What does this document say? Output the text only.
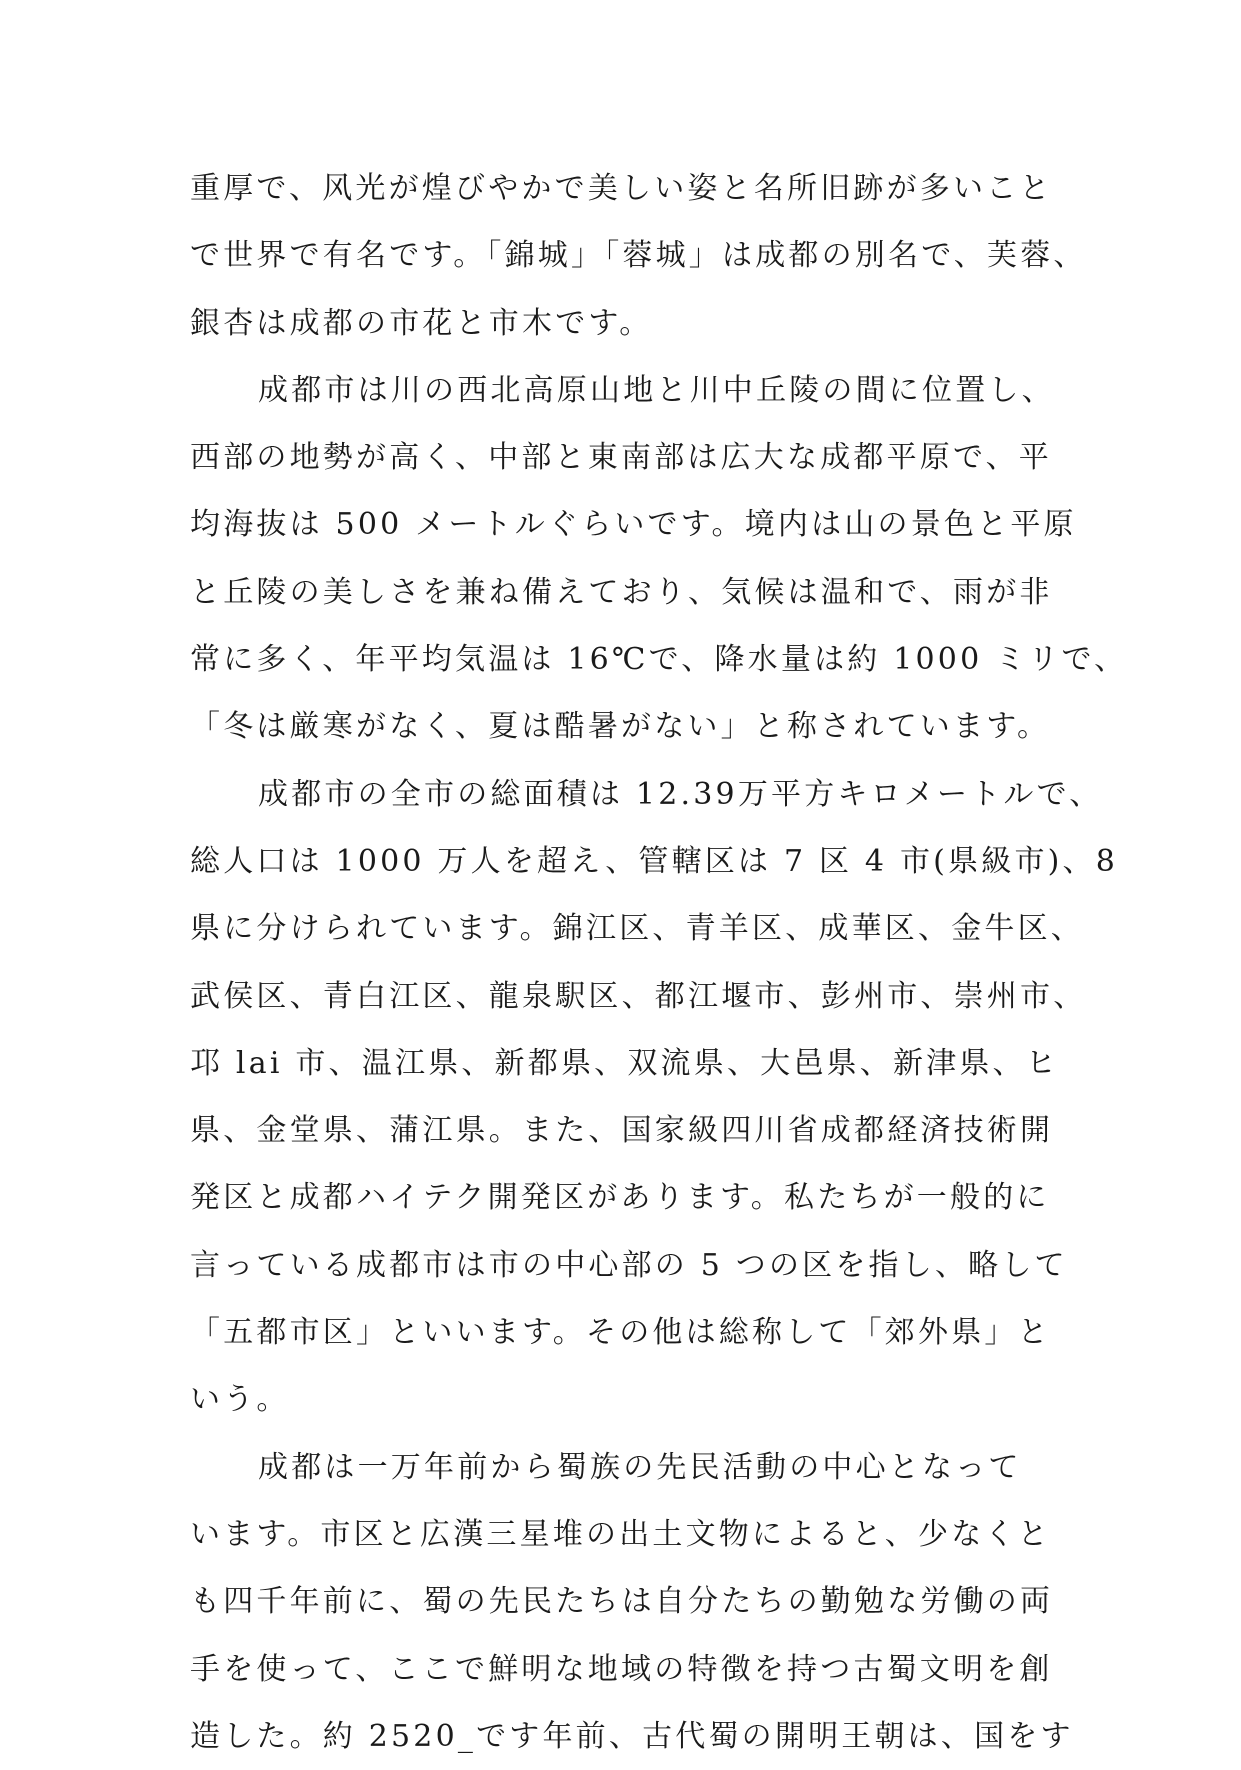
重厚で、风光が煌びやかで美しい姿と名所旧跡が多いこと
で世界で有名です。「錦城」「蓉城」は成都の別名で、芙蓉、
銀杏は成都の市花と市木です。
成都市は川の西北高原山地と川中丘陵の間に位置し、
西部の地勢が高く、中部と東南部は広大な成都平原で、平
均海抜は 500 メートルぐらいです。境内は山の景色と平原
と丘陵の美しさを兼ね備えており、気候は温和で、雨が非
常に多く、年平均気温は 16℃で、降水量は約 1000 ミリで、
「冬は厳寒がなく、夏は酷暑がない」と称されています。
成都市の全市の総面積は 12.39万平方キロメートルで、
総人口は 1000 万人を超え、管轄区は 7 区 4 市(県級市)、8
県に分けられています。錦江区、青羊区、成華区、金牛区、
武侯区、青白江区、龍泉駅区、都江堰市、彭州市、崇州市、
邛 lai 市、温江県、新都県、双流県、大邑県、新津県、ヒ
県、金堂県、蒲江県。また、国家級四川省成都経済技術開
発区と成都ハイテク開発区があります。私たちが一般的に
言っている成都市は市の中心部の 5 つの区を指し、略して
「五都市区」といいます。その他は総称して「郊外県」と
いう。
成都は一万年前から蜀族の先民活動の中心となって
います。市区と広漢三星堆の出土文物によると、少なくと
も四千年前に、蜀の先民たちは自分たちの勤勉な労働の両
手を使って、ここで鮮明な地域の特徴を持つ古蜀文明を創
造した。約 2520_です年前、古代蜀の開明王朝は、国をす
